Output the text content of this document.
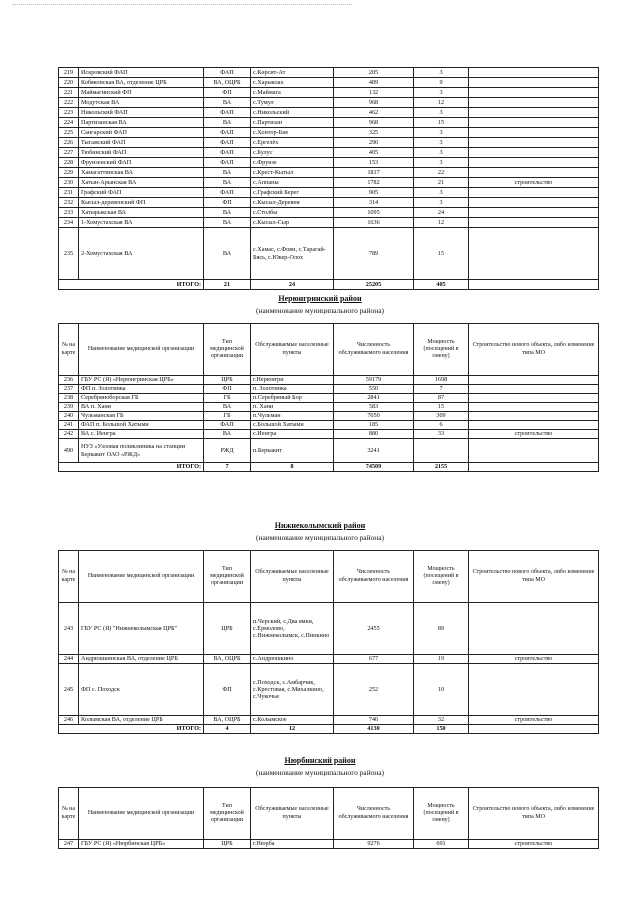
219	Искровский ФАП	ФАП	с.Көрсит-Ат	205	3	
220	Кобяконская ВА, отделение ЦРБ	ВА, ОЦРБ	с.Харыялах	489	9	
221	Маймагинский ФП	ФП	с.Маймага	132	3	
222	Модутская ВА	ВА	с.Тумул	968	12	
223	Никольский ФАП	ФАП	с.Никольский	462	3	
224	Партизанская ВА	ВА	с.Партизан	968	15	
225	Сангарский ФАП	ФАП	с.Хонтор-Бие	325	3	
226	Тыгажский ФАП	ФАП	с.Ергелёх	290	3	
227	Тюбинский ФАП	ФАП	с.Булус	405	3	
228	Фрунзенский ФАП	ФАП	с.Фрунзе	153	3	
229	Хамагаттинская ВА	ВА	с.Крест-Кытыл	1817	22	
230	Хатын-Арынская ВА	ВА	с.Аппаны	1782	21	строительство
231	Графский ФАП	ФАП	с.Графский Берег	905	3	
232	Кысыл-деревенский ФП	ФП	с.Кысыл-Деревня	314	3	
233	Хатырыкская ВА	ВА	с.Столбы	1095	24	
234	1-Хомустахская ВА	ВА	с.Кысыл-Сыр	1636	12	
235	2-Хомустахская ВА	ВА	с.Хамас, с.Фовн, с.Тарагай-Бясь, с.Юкер-Олох	789	15	
ИТОГО:		21	24	25205	405	
Нерюнгринский район
(наименование муниципального района)
№ на карте	Наименование медицинской организации	Тип медицинской организации	Обслуживаемые населенные пункты	Численность обслуживаемого населения	Мощность (посещений в смену)	Строительство нового объекта, либо изменение типа МО
236	ГБУ РС (Я) «Нерюнгринская ЦРБ»	ЦРБ	г.Нерюнгри	59179	1698	
237	ФП п. Золотинка	ФП	п. Золотинка	550	7	
238	Серебряноборская ГБ	ГБ	п.Серебряный Бор	2841	87	
239	ВА п. Хани	ВА	п. Хани	583	15	
240	Чульманская ГБ	ГБ	п.Чульман	7050	309	
241	ФАП п. Большой Хатыми	ФАП	с.Большой Хатыми	185	6	
242	ВА с. Иенгра	ВА	с.Иенгра	880	33	строительство
490	НУЗ «Узловая поликлиника на станции Беркакит ОАО «РЖД»	РЖД	п.Беркакит	3241		
ИТОГО:		7	8	74509	2155	
Нижнеколымский район
(наименование муниципального района)
№ на карте	Наименование медицинской организации	Тип медицинской организации	Обслуживаемые населенные пункты	Численность обслуживаемого населения	Мощность (посещений в смену)	Строительство нового объекта, либо изменение типа МО
243	ГБУ РС (Я) "Нижнеколымская ЦРБ"	ЦРБ	п.Черский, с.Два ямки, с.Ермолово, с.Нижнеколымск, с.Пинкино	2455	89	
244	Андрюшкинская ВА, отделение ЦРБ	ВА, ОЦРБ	с.Андрюшкино	677	19	строительство
245	ФП с. Походск	ФП	с.Походск, с.Амбарчик, с.Крестовая, с.Михалкино, с.Чукочья	252	10	
246	Колымская ВА, отделение ЦРБ	ВА, ОЦРБ	с.Колымское	746	32	строительство
ИТОГО:		4	12	4130	150	
Нюрбинский район
(наименование муниципального района)
№ на карте	Наименование медицинской организации	Тип медицинской организации	Обслуживаемые населенные пункты	Численность обслуживаемого населения	Мощность (посещений в смену)	Строительство нового объекта, либо изменение типа МО
247	ГБУ РС (Я) «Нюрбинская ЦРБ»	ЦРБ	г.Нюрба	9276	691	строительство
